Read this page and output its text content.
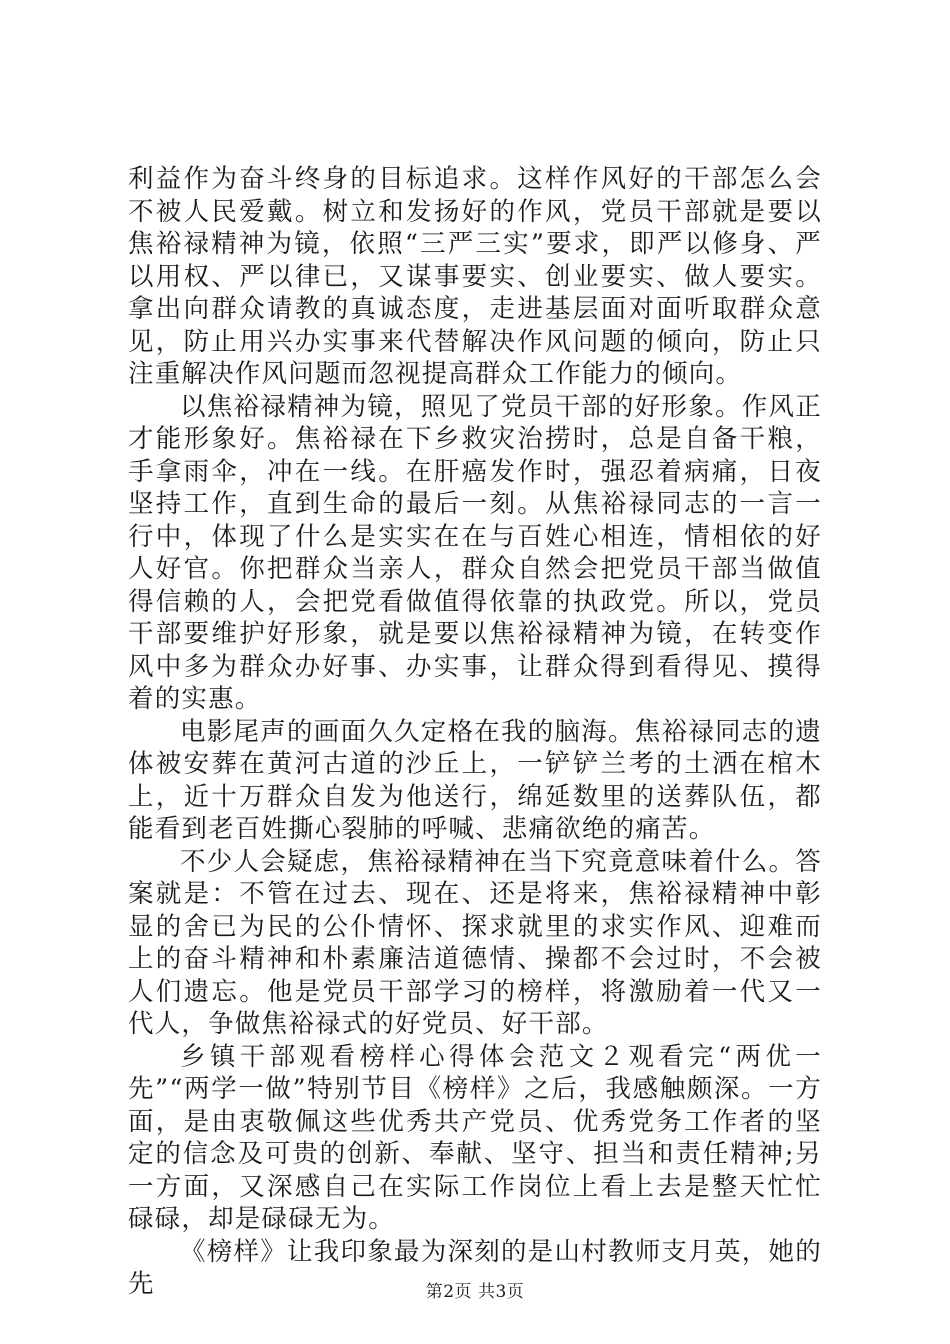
利益作为奋斗终身的目标追求。这样作风好的干部怎么会不被人民爱戴。树立和发扬好的作风，党员干部就是要以焦裕禄精神为镜，依照“三严三实”要求，即严以修身、严以用权、严以律已，又谋事要实、创业要实、做人要实。拿出向群众请教的真诚态度，走进基层面对面听取群众意见，防止用兴办实事来代替解决作风问题的倾向，防止只注重解决作风问题而忽视提高群众工作能力的倾向。

以焦裕禄精神为镜，照见了党员干部的好形象。作风正才能形象好。焦裕禄在下乡救灾治捞时，总是自备干粮，手拿雨伞，冲在一线。在肝癌发作时，强忍着病痛，日夜坚持工作，直到生命的最后一刻。从焦裕禄同志的一言一行中，体现了什么是实实在在与百姓心相连，情相依的好人好官。你把群众当亲人，群众自然会把党员干部当做值得信赖的人，会把党看做值得依靠的执政党。所以，党员干部要维护好形象，就是要以焦裕禄精神为镜，在转变作风中多为群众办好事、办实事，让群众得到看得见、摸得着的实惠。

电影尾声的画面久久定格在我的脑海。焦裕禄同志的遗体被安葬在黄河古道的沙丘上，一铲铲兰考的土洒在棺木上，近十万群众自发为他送行，绵延数里的送葬队伍，都能看到老百姓撕心裂肺的呼喊、悲痛欲绝的痛苦。

不少人会疑虑，焦裕禄精神在当下究竟意味着什么。答案就是：不管在过去、现在、还是将来，焦裕禄精神中彰显的舍已为民的公仆情怀、探求就里的求实作风、迎难而上的奋斗精神和朴素廉洁道德情、操都不会过时，不会被人们遗忘。他是党员干部学习的榜样，将激励着一代又一代人，争做焦裕禄式的好党员、好干部。

乡镇干部观看榜样心得体会范文２观看完“两优一先”“两学一做”特别节目《榜样》之后，我感触颇深。一方面，是由衷敬佩这些优秀共产党员、优秀党务工作者的坚定的信念及可贵的创新、奉献、坚守、担当和责任精神;另一方面，又深感自己在实际工作岗位上看上去是整天忙忙碌碌，却是碌碌无为。

《榜样》让我印象最为深刻的是山村教师支月英，她的先	第2页 共3页
